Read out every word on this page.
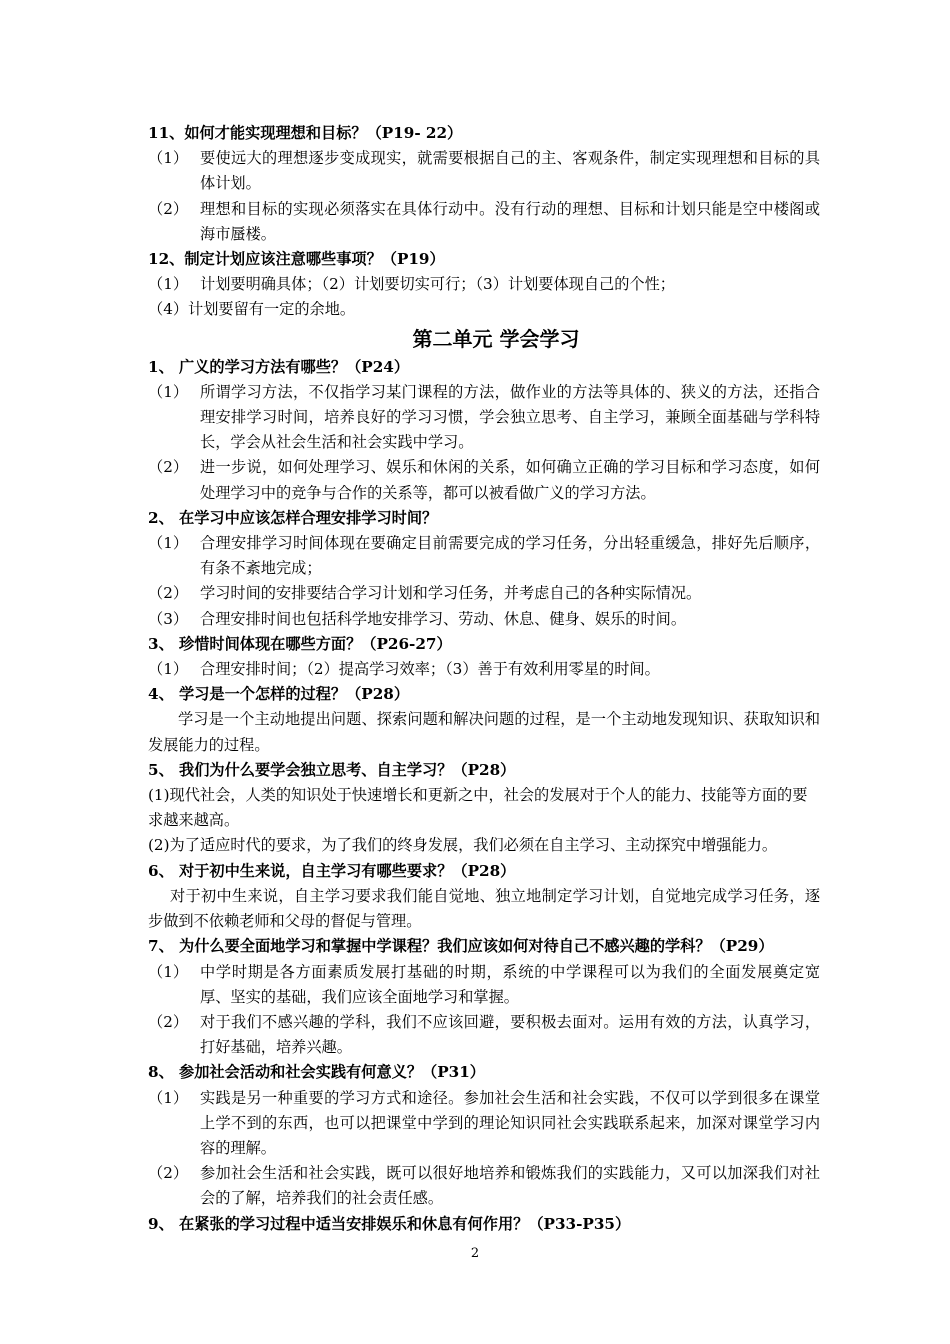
11、如何才能实现理想和目标？（P19- 22）

（1） 要使远大的理想逐步变成现实，就需要根据自己的主、客观条件，制定实现理想和目标的具体计划。
（2） 理想和目标的实现必须落实在具体行动中。没有行动的理想、目标和计划只能是空中楼阁或海市蜃楼。

12、制定计划应该注意哪些事项？（P19）

（1） 计划要明确具体；（2）计划要切实可行；（3）计划要体现自己的个性；

（4）计划要留有一定的余地。

第二单元 学会学习

1、 广义的学习方法有哪些？（P24）

（1） 所谓学习方法，不仅指学习某门课程的方法，做作业的方法等具体的、狭义的方法，还指合理安排学习时间，培养良好的学习习惯，学会独立思考、自主学习，兼顾全面基础与学科特长，学会从社会生活和社会实践中学习。
（2） 进一步说，如何处理学习、娱乐和休闲的关系，如何确立正确的学习目标和学习态度，如何处理学习中的竞争与合作的关系等，都可以被看做广义的学习方法。

2、 在学习中应该怎样合理安排学习时间？

（1） 合理安排学习时间体现在要确定目前需要完成的学习任务，分出轻重缓急，排好先后顺序，有条不紊地完成；
（2） 学习时间的安排要结合学习计划和学习任务，并考虑自己的各种实际情况。
（3） 合理安排时间也包括科学地安排学习、劳动、休息、健身、娱乐的时间。

3、 珍惜时间体现在哪些方面？（P26-27）

（1） 合理安排时间；（2）提高学习效率；（3）善于有效利用零星的时间。

4、 学习是一个怎样的过程？（P28）

学习是一个主动地提出问题、探索问题和解决问题的过程，是一个主动地发现知识、获取知识和发展能力的过程。

5、 我们为什么要学会独立思考、自主学习？（P28）

(1)现代社会，人类的知识处于快速增长和更新之中，社会的发展对于个人的能力、技能等方面的要求越来越高。

(2)为了适应时代的要求，为了我们的终身发展，我们必须在自主学习、主动探究中增强能力。

6、 对于初中生来说，自主学习有哪些要求？（P28）

对于初中生来说，自主学习要求我们能自觉地、独立地制定学习计划，自觉地完成学习任务，逐步做到不依赖老师和父母的督促与管理。

7、 为什么要全面地学习和掌握中学课程？我们应该如何对待自己不感兴趣的学科？（P29）

（1） 中学时期是各方面素质发展打基础的时期，系统的中学课程可以为我们的全面发展奠定宽厚、坚实的基础，我们应该全面地学习和掌握。
（2） 对于我们不感兴趣的学科，我们不应该回避，要积极去面对。运用有效的方法，认真学习，打好基础，培养兴趣。

8、 参加社会活动和社会实践有何意义？（P31）

（1） 实践是另一种重要的学习方式和途径。参加社会生活和社会实践，不仅可以学到很多在课堂上学不到的东西，也可以把课堂中学到的理论知识同社会实践联系起来，加深对课堂学习内容的理解。
（2） 参加社会生活和社会实践，既可以很好地培养和锻炼我们的实践能力，又可以加深我们对社会的了解，培养我们的社会责任感。

9、 在紧张的学习过程中适当安排娱乐和休息有何作用？（P33-P35）

2
